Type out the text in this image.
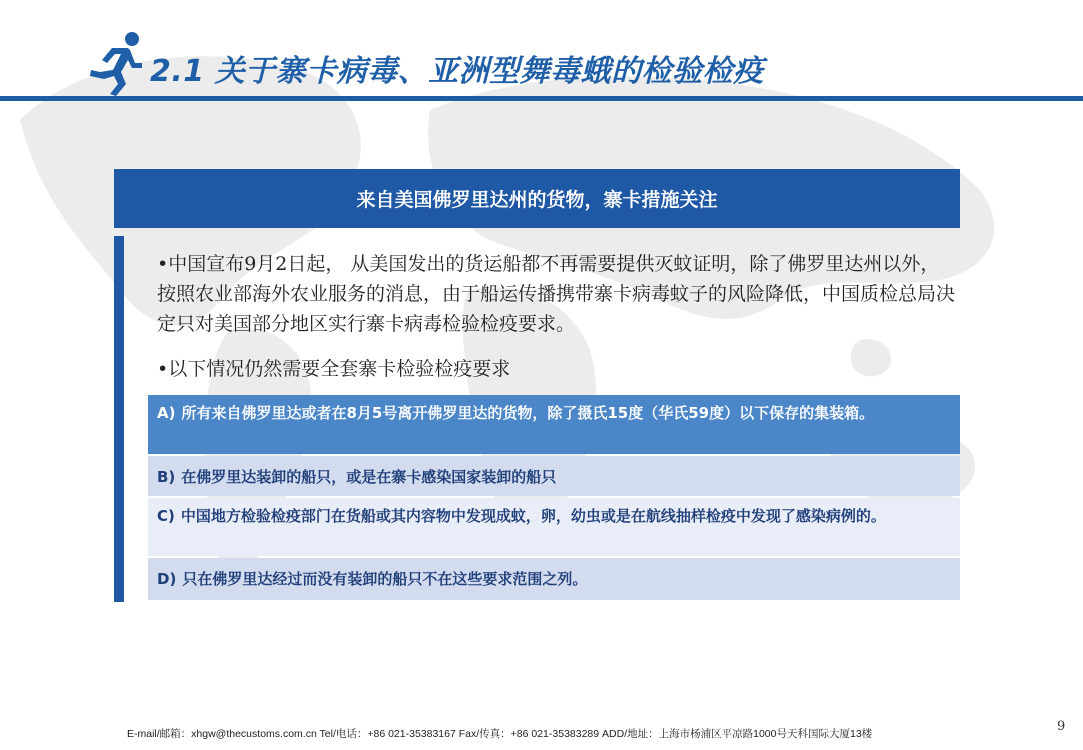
2.1 关于寨卡病毒、亚洲型舞毒蛾的检验检疫
来自美国佛罗里达州的货物，寨卡措施关注
•中国宣布9月2日起， 从美国发出的货运船都不再需要提供灭蚊证明，除了佛罗里达州以外，按照农业部海外农业服务的消息，由于船运传播携带寨卡病毒蚊子的风险降低，中国质检总局决定只对美国部分地区实行寨卡病毒检验检疫要求。
•以下情况仍然需要全套寨卡检验检疫要求
A) 所有来自佛罗里达或者在8月5号离开佛罗里达的货物，除了摄氏15度（华氏59度）以下保存的集装箱。
B) 在佛罗里达装卸的船只，或是在寨卡感染国家装卸的船只
C) 中国地方检验检疫部门在货船或其内容物中发现成蚊，卵，幼虫或是在航线抽样检疫中发现了感染病例的。
D) 只在佛罗里达经过而没有装卸的船只不在这些要求范围之列。
E-mail/邮箱：xhgw@thecustoms.com.cn Tel/电话：+86 021-35383167 Fax/传真：+86 021-35383289 ADD/地址：上海市杨浦区平凉路1000号天科国际大厦13楼	9
